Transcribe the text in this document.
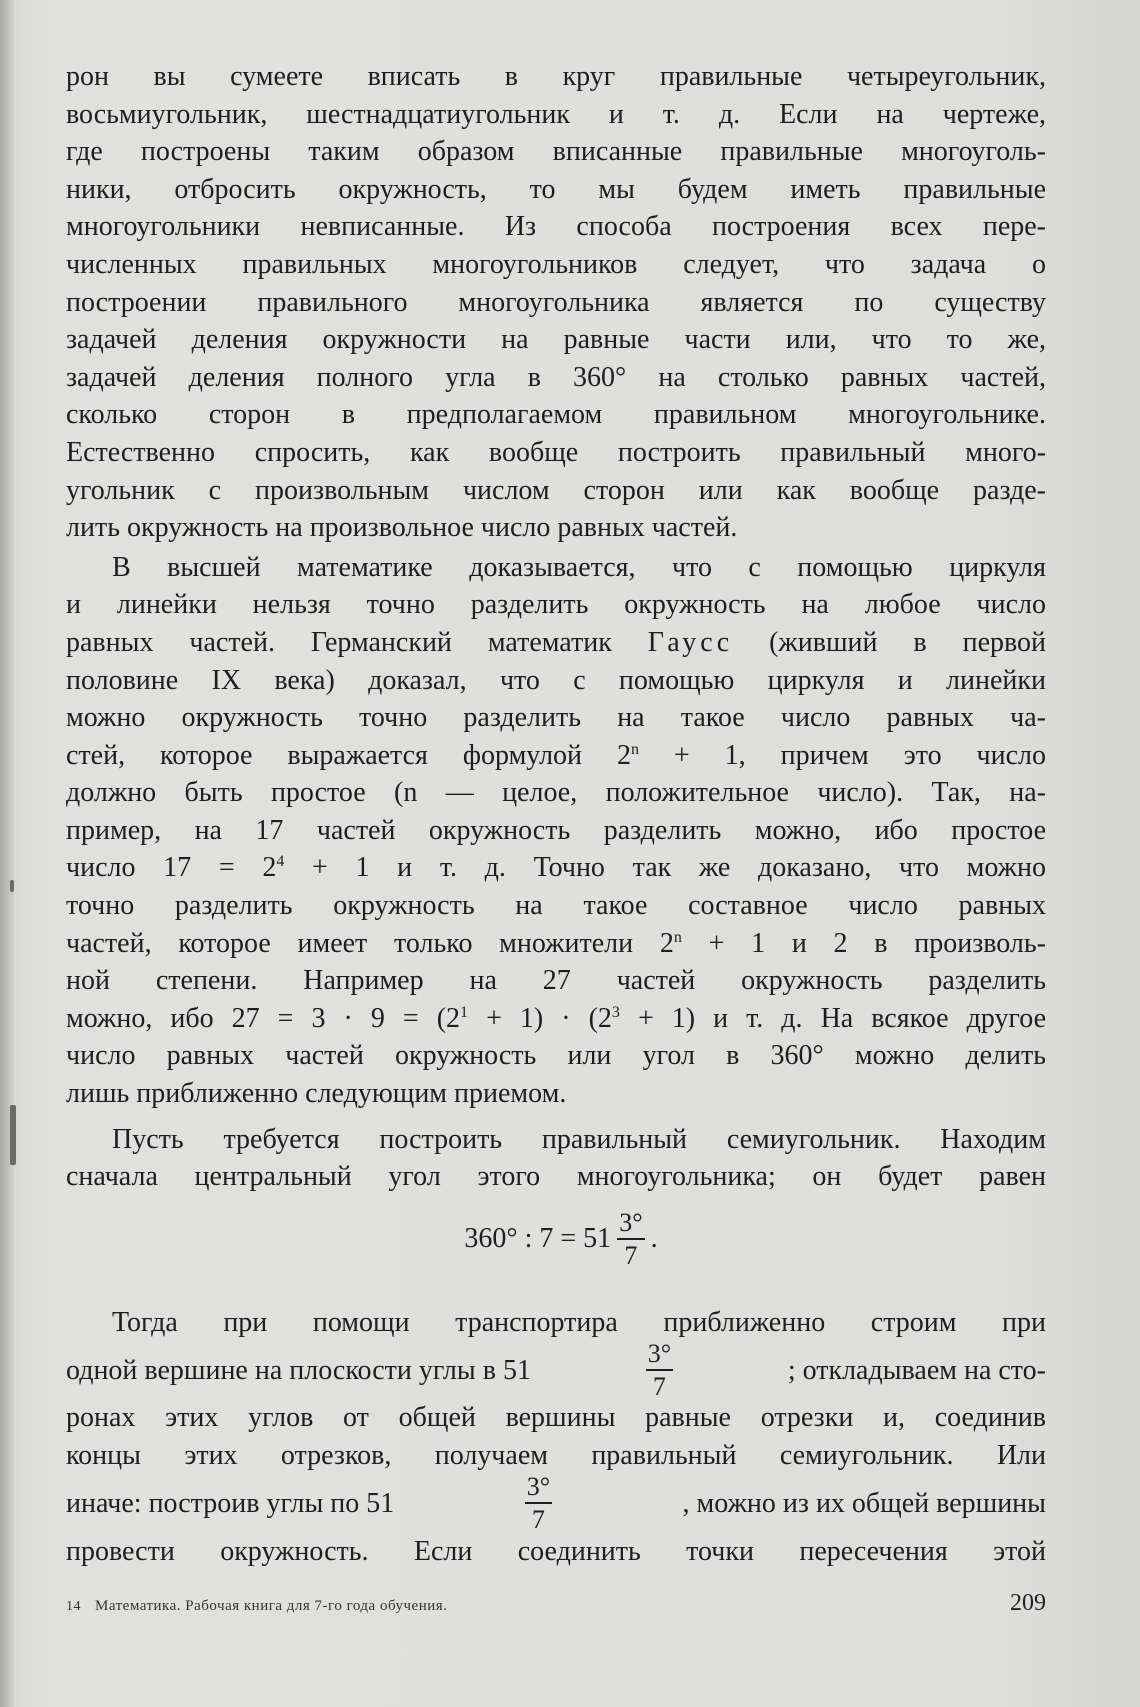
рон вы сумеете вписать в круг правильные четыреугольник,
восьмиугольник, шестнадцатиугольник и т. д. Если на чертеже,
где построены таким образом вписанные правильные многоуголь-
ники, отбросить окружность, то мы будем иметь правильные
многоугольники невписанные. Из способа построения всех пере-
численных правильных многоугольников следует, что задача о
построении правильного многоугольника является по существу
задачей деления окружности на равные части или, что то же,
задачей деления полного угла в 360° на столько равных частей,
сколько сторон в предполагаемом правильном многоугольнике.
Естественно спросить, как вообще построить правильный много-
угольник с произвольным числом сторон или как вообще разде-
лить окружность на произвольное число равных частей.

В высшей математике доказывается, что с помощью циркуля
и линейки нельзя точно разделить окружность на любое число
равных частей. Германский математик Гаусс (живший в первой
половине IX века) доказал, что с помощью циркуля и линейки
можно окружность точно разделить на такое число равных ча-
стей, которое выражается формулой $2^n + 1$, причем это число
должно быть простое (n — целое, положительное число). Так, на-
пример, на 17 частей окружность разделить можно, ибо простое
число $17 = 2^4 + 1$ и т. д. Точно так же доказано, что можно
точно разделить окружность на такое составное число равных
частей, которое имеет только множители $2^n + 1$ и 2 в произволь-
ной степени. Например на 27 частей окружность разделить
можно, ибо $27 = 3 \cdot 9 = (2^1 + 1) \cdot (2^3 + 1)$ и т. д. На всякое другое
число равных частей окружность или угол в 360° можно делить
лишь приближенно следующим приемом.

Пусть требуется построить правильный семиугольник. Находим
сначала центральный угол этого многоугольника; он будет равен

360° : $7 = 51 \frac{3^\circ}{7}$ .
Тогда при помощи транспортира приближенно строим при
одной вершине на плоскости углы в 51	$\frac{3^\circ}{7}$	; откладываем на сто-
ронах этих углов от общей вершины равные отрезки и, соединив
концы этих отрезков, получаем правильный семиугольник. Или
иначе: построив углы по 51	$\frac{3^\circ}{7}$	, можно из их общей вершины
провести окружность. Если соединить точки пересечения этой
14 Математика. Рабочая книга для 7-го года обучения.	209
